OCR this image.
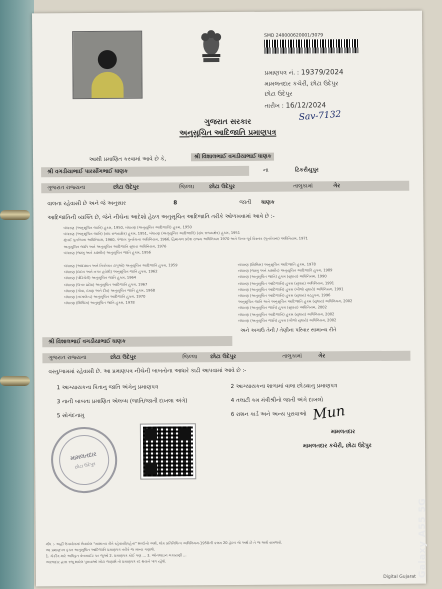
SMD 248000620001/3079
પ્રમાણપત્ર નં. : 19379/2024
મામલતદાર કચેરી, છોટા ઉદેપુર
છોટા ઉદેપુર
તારીખ : 16/12/2024
Sav-7132
ગુજરાત સરકાર
અનુસૂચિત આદિજાતિ પ્રમાણપત્ર
આથી પ્રમાણિત કરવામાં આવે છે કે,	શ્રી વિશાલભાઈ વગડીયાભાઈ ધાણક
શ્રી વગડીયાભાઈ પારસીંગભાઈ ધાણક	ના	ટિકરીયુપુર
ગુજરાત રાજ્યના	છોટા ઉદેપુર	જિલ્લા	છોટા ઉદેપુર	તાલુકામાં	ગેર
વાલના રહેવાસી છે અને જે અનુસાર	8	જાતી ધાણક
આદિજાતિની વ્યક્તિ છે, જેને નીચેના આદેશો હેઠળ અનુસૂચિત આદિજાતિ તરીકે ઓળખવામાં આવે છે :-
બંધારણ (અનુસૂચિત જાતિ) હુકમ, 1950, બંધારણ (અનુસૂચિત આદિજાતિ) હુકમ, 1950
બંધારણ (અનુસૂચિત જાતિ) (સંઘ રાજ્યક્ષેત્ર) હુકમ, 1951, બંધારણ (અનુસૂચિત આદિજાતિ) (સંઘ રાજ્યક્ષેત્ર) હુકમ, 1951
મુંબઈ પુનર્રચના અધિનિયમ, 1960, પંજાબ પુનર્રચના અધિનિયમ, 1966, હિમાચલ પ્રદેશ રાજ્ય અધિનિયમ 1970 અને ઉત્તર-પૂર્વ વિસ્તાર (પુનર્રચના) અધિનિયમ, 1971
અનુસૂચિત જાતિ અને અનુસૂચિત આદિજાતિ સુધારા અધિનિયમ, 1976
બંધારણ (જમ્મુ અને કાશ્મીર) અનુસૂચિત જાતિ હુકમ, 1956
બંધારણ (આંદામાન અને નિકોબાર ટાપુઓ) અનુસૂચિત આદિજાતિ હુકમ, 1959
બંધારણ (દાદરા અને નગર હવેલી) અનુસૂચિત જાતિ હુકમ, 1962
બંધારણ (પોંડિચેરી) અનુસૂચિત જાતિ હુકમ, 1964
બંધારણ (ઉત્તર પ્રદેશ) અનુસૂચિત આદિજાતિ હુકમ, 1967
બંધારણ (ગોવા, દમણ અને દીવ) અનુસૂચિત જાતિ હુકમ, 1968
બંધારણ (નાગાલેન્ડ) અનુસૂચિત આદિજાતિ હુકમ, 1970
બંધારણ (સિક્કિમ) અનુસૂચિત જાતિ હુકમ, 1978
બંધારણ (સિક્કિમ) અનુસૂચિત આદિજાતિ હુકમ, 1978
બંધારણ (જમ્મુ અને કાશ્મીર) અનુસૂચિત આદિજાતિ હુકમ, 1989
બંધારણ (અનુસૂચિત જાતિ) હુકમ (સુધારા) અધિનિયમ, 1990
બંધારણ (અનુસૂચિત આદિજાતિ) હુકમ (સુધારા) અધિનિયમ, 1991
બંધારણ (અનુસૂચિત આદિજાતિ) હુકમ (બીજો સુધારો) અધિનિયમ, 1991
બંધારણ (અનુસૂચિત આદિજાતિ) હુકમ (સુધારા) વટહુકમ, 1996
અનુસૂચિત જાતિ અને અનુસૂચિત આદિજાતિ હુકમ (સુધારા) અધિનિયમ, 2002
બંધારણ (અનુસૂચિત જાતિ) હુકમ (સુધારા) અધિનિયમ, 2002
બંધારણ (અનુસૂચિત આદિજાતિ) હુકમ (સુધારા) અધિનિયમ, 2002
બંધારણ (અનુસૂચિત જાતિ) હુકમ (બીજો સુધારો) અધિનિયમ, 2002
અને અગાઉ તેની / તેણીના પરિવાર સામાન્ય રીતે
શ્રી વિશાલભાઈ વગડીયાભાઈ ધાણક
ગુજરાત રાજ્યના	છોટા ઉદેપુર	જિલ્લા છોટા ઉદેપુર	તાલુકામાં	ગેર
વસ્તુ/ગામમાં રહેવાસી છે. આ પ્રમાણપત્ર નીચેની બાબતોના આધારે કાઢી આપવામાં આવે છે :-
1 આગ્યાયકના પિતાનુ જાતિ અંગેનુ પ્રમાણપત્ર	2 આગ્યાયકના શાળામાં વાલા છોડ્યાનુ પ્રમાણપત્ર
3 નાની બાબતા પ્રમાણિત એલબ્ધ (જાતિ/જાતી દાખલા અંગે)	4 તલાટી કમ મંત્રીશ્રીનો જાતી અંગે દાખલો
5 સોગંદનામુ	6 રાશન કાર્ડ અને અન્ય પુરાવાઓ
મામલતદાર
છોટા ઉદેપુર
Mun
મામલતદાર
મામલતદાર કચેરી, છોટા ઉદેપુર
નોંધ :- અહીં ઉપયોગમાં લેવાયેલ "સામાન્ય રીતે રહેવાસી/રહેતા" શબ્દોનો અર્થ, લોક પ્રતિનિધિત્વ અધિનિયમ-1950ની કલમ 20 હેઠળ જે અર્થ છે તે જ અર્થ સમજવો.
આ પ્રમાણપત્ર ફક્ત અનુસૂચિત આદિજાતિ પ્રમાણપત્ર તરીકે જ માન્ય ગણાશે.
1. ચેકીંગ માટે અધિકૃત વેબસાઈટ પર જુઓ 2. પ્રમાણપત્ર કોઈ પણ ... 3. ઓનલાઇન ચકાસણી ...
અરજદાર દ્વારા રજૂ થયેલ પુરાવાઓ ખોટા જણાશે તો પ્રમાણપત્ર રદ થવાને પાત્ર રહેશે.
Digital Gujarat Galaxy A55 5G
